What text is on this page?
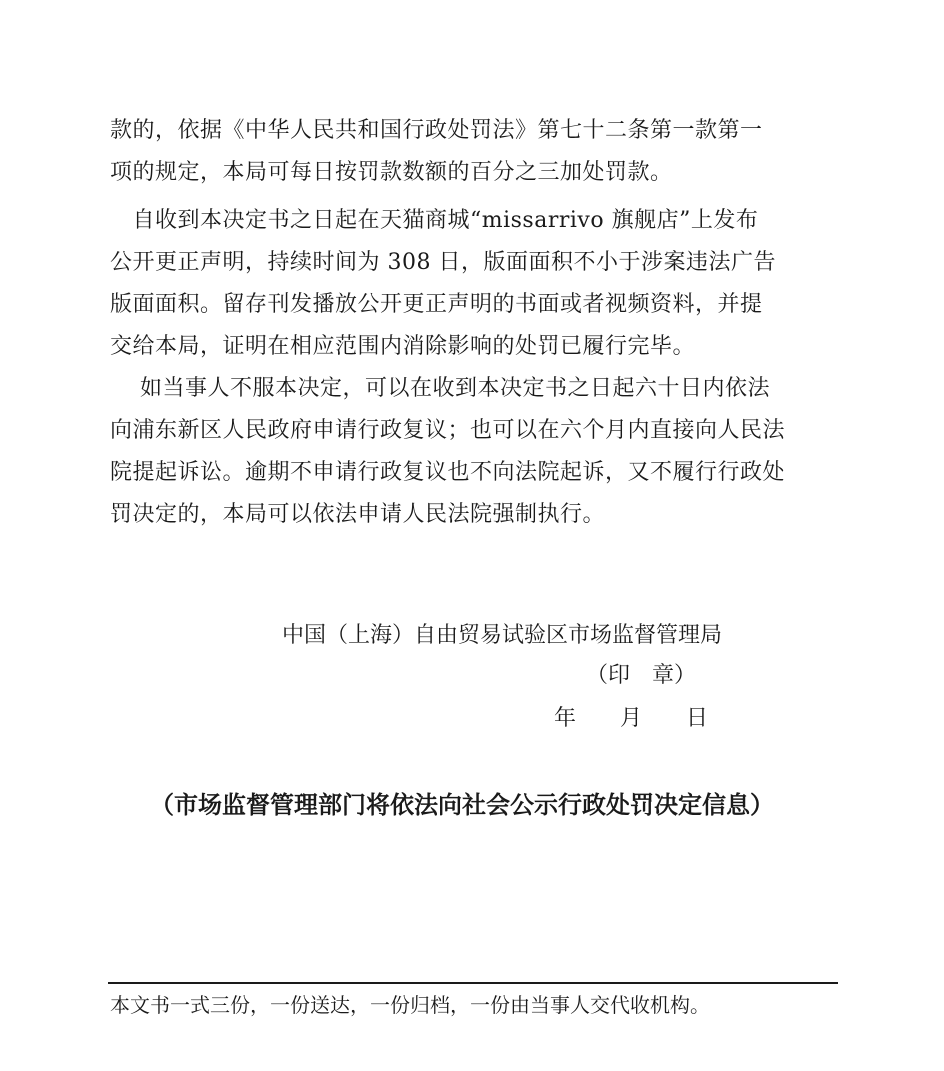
款的，依据《中华人民共和国行政处罚法》第七十二条第一款第一
项的规定，本局可每日按罚款数额的百分之三加处罚款。
　自收到本决定书之日起在天猫商城“missarrivo 旗舰店”上发布
公开更正声明，持续时间为 308 日，版面面积不小于涉案违法广告
版面面积。留存刊发播放公开更正声明的书面或者视频资料，并提
交给本局，证明在相应范围内消除影响的处罚已履行完毕。
　 如当事人不服本决定，可以在收到本决定书之日起六十日内依法
向浦东新区人民政府申请行政复议；也可以在六个月内直接向人民法
院提起诉讼。逾期不申请行政复议也不向法院起诉，又不履行行政处
罚决定的，本局可以依法申请人民法院强制执行。
中国（上海）自由贸易试验区市场监督管理局
（印　章）
年　　月　　日
（市场监督管理部门将依法向社会公示行政处罚决定信息）
本文书一式三份，一份送达，一份归档，一份由当事人交代收机构。
